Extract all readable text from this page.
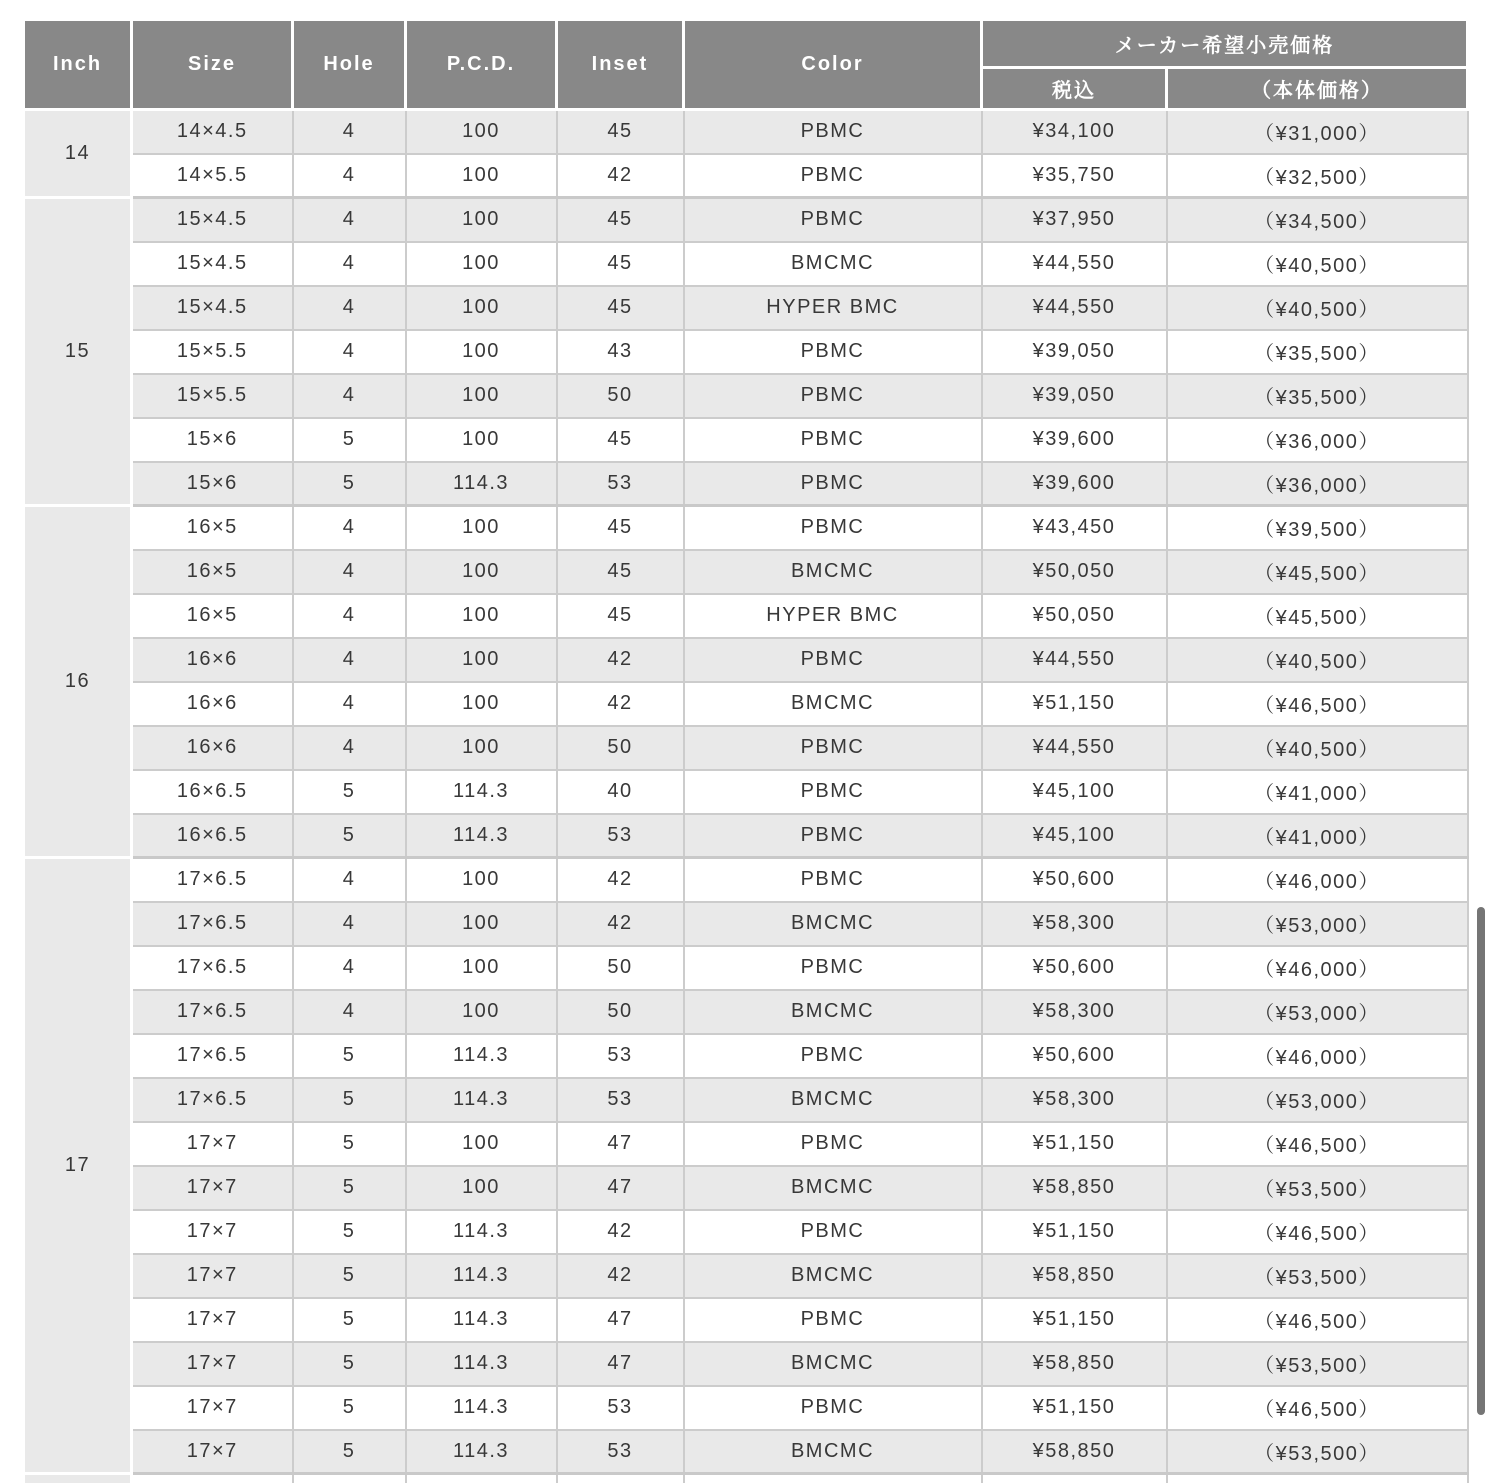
Inch	Size	Hole	P.C.D.	Inset	Color	メーカー希望小売価格	
						税込	（本体価格）
14	14×4.5	4	100	45	PBMC	¥34,100	（¥31,000）
	14×5.5	4	100	42	PBMC	¥35,750	（¥32,500）
15	15×4.5	4	100	45	PBMC	¥37,950	（¥34,500）
	15×4.5	4	100	45	BMCMC	¥44,550	（¥40,500）
	15×4.5	4	100	45	HYPER BMC	¥44,550	（¥40,500）
	15×5.5	4	100	43	PBMC	¥39,050	（¥35,500）
	15×5.5	4	100	50	PBMC	¥39,050	（¥35,500）
	15×6	5	100	45	PBMC	¥39,600	（¥36,000）
	15×6	5	114.3	53	PBMC	¥39,600	（¥36,000）
16	16×5	4	100	45	PBMC	¥43,450	（¥39,500）
	16×5	4	100	45	BMCMC	¥50,050	（¥45,500）
	16×5	4	100	45	HYPER BMC	¥50,050	（¥45,500）
	16×6	4	100	42	PBMC	¥44,550	（¥40,500）
	16×6	4	100	42	BMCMC	¥51,150	（¥46,500）
	16×6	4	100	50	PBMC	¥44,550	（¥40,500）
	16×6.5	5	114.3	40	PBMC	¥45,100	（¥41,000）
	16×6.5	5	114.3	53	PBMC	¥45,100	（¥41,000）
17	17×6.5	4	100	42	PBMC	¥50,600	（¥46,000）
	17×6.5	4	100	42	BMCMC	¥58,300	（¥53,000）
	17×6.5	4	100	50	PBMC	¥50,600	（¥46,000）
	17×6.5	4	100	50	BMCMC	¥58,300	（¥53,000）
	17×6.5	5	114.3	53	PBMC	¥50,600	（¥46,000）
	17×6.5	5	114.3	53	BMCMC	¥58,300	（¥53,000）
	17×7	5	100	47	PBMC	¥51,150	（¥46,500）
	17×7	5	100	47	BMCMC	¥58,850	（¥53,500）
	17×7	5	114.3	42	PBMC	¥51,150	（¥46,500）
	17×7	5	114.3	42	BMCMC	¥58,850	（¥53,500）
	17×7	5	114.3	47	PBMC	¥51,150	（¥46,500）
	17×7	5	114.3	47	BMCMC	¥58,850	（¥53,500）
	17×7	5	114.3	53	PBMC	¥51,150	（¥46,500）
	17×7	5	114.3	53	BMCMC	¥58,850	（¥53,500）
